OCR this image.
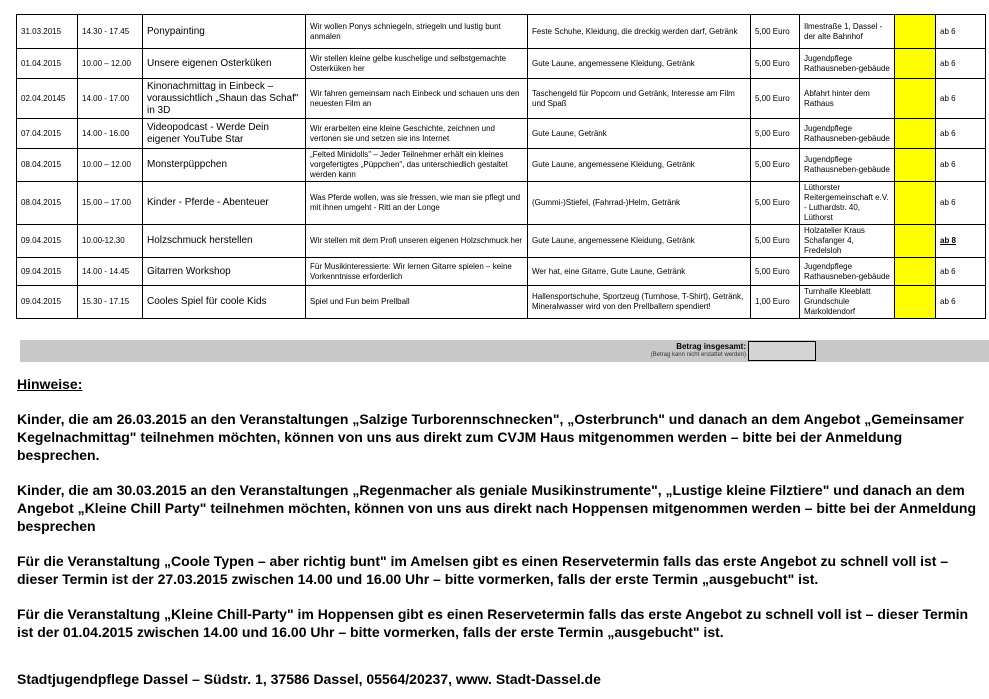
31.03.2015	14.30 - 17.45	Ponypainting	Wir wollen Ponys schniegeln, striegeln und lustig bunt anmalen	Feste Schuhe, Kleidung, die dreckig werden darf, Getränk	5,00 Euro	Ilmestraße 1, Dassel - der alte Bahnhof		ab 6
01.04.2015	10.00 – 12.00	Unsere eigenen Osterküken	Wir stellen kleine gelbe kuschelige und selbstgemachte Osterküken her	Gute Laune, angemessene Kleidung, Getränk	5,00 Euro	Jugendpflege Rathausneben-gebäude		ab 6
02.04.20145	14.00 - 17.00	Kinonachmittag in Einbeck – voraussichtlich „Shaun das Schaf" in 3D	Wir fahren gemeinsam nach Einbeck und schauen uns den neuesten Film an	Taschengeld für Popcorn und Getränk, Interesse am Film und Spaß	5,00 Euro	Abfahrt hinter dem Rathaus		ab 6
07.04.2015	14.00 - 16.00	Videopodcast - Werde Dein eigener YouTube Star	Wir erarbeiten eine kleine Geschichte, zeichnen und vertonen sie und setzen sie ins Internet	Gute Laune, Getränk	5,00 Euro	Jugendpflege Rathausneben-gebäude		ab 6
08.04.2015	10.00 – 12.00	Monsterpüppchen	„Felted Minidolls" – Jeder Teilnehmer erhält ein kleines vorgefertigtes „Püppchen", das unterschiedlich gestaltet werden kann	Gute Laune, angemessene Kleidung, Getränk	5,00 Euro	Jugendpflege Rathausneben-gebäude		ab 6
08.04.2015	15.00 – 17.00	Kinder - Pferde - Abenteuer	Was Pferde wollen, was sie fressen, wie man sie pflegt und mit ihnen umgeht - Ritt an der Longe	(Gummi-)Stiefel, (Fahrrad-)Helm, Getränk	5,00 Euro	Lüthorster Reitergemeinschaft e.V. - Luthardstr. 40, Lüthorst		ab 6
09.04.2015	10.00-12.30	Holzschmuck herstellen	Wir stellen mit dem Profi unseren eigenen Holzschmuck her	Gute Laune, angemessene Kleidung, Getränk	5,00 Euro	Holzatelier Kraus Schafanger 4, Fredelsloh		ab 8
09.04.2015	14.00 - 14.45	Gitarren Workshop	Für Musikinteressierte: Wir lernen Gitarre spielen – keine Vorkenntnisse erforderlich	Wer hat, eine Gitarre, Gute Laune, Getränk	5,00 Euro	Jugendpflege Rathausneben-gebäude		ab 6
09.04.2015	15.30 - 17.15	Cooles Spiel für coole Kids	Spiel und Fun beim Prellball	Hallensportschuhe, Sportzeug (Turnhose, T-Shirt), Getränk, Mineralwasser wird von den Prellballern spendiert!	1,00 Euro	Turnhalle Kleeblatt Grundschule Markoldendorf		ab 6
Betrag insgesamt:
(Betrag kann nicht erstattet werden)
Hinweise:

Kinder, die am 26.03.2015 an den Veranstaltungen „Salzige Turborennschnecken", „Osterbrunch" und danach an dem Angebot „Gemeinsamer Kegelnachmittag" teilnehmen möchten, können von uns aus direkt zum CVJM Haus mitgenommen werden – bitte bei der Anmeldung besprechen.

Kinder, die am 30.03.2015 an den Veranstaltungen „Regenmacher als geniale Musikinstrumente", „Lustige kleine Filztiere" und danach an dem Angebot „Kleine Chill Party" teilnehmen möchten, können von uns aus direkt nach Hoppensen mitgenommen werden – bitte bei der Anmeldung besprechen

Für die Veranstaltung „Coole Typen – aber richtig bunt" im Amelsen gibt es einen Reservetermin falls das erste Angebot zu schnell voll ist – dieser Termin ist der 27.03.2015 zwischen 14.00 und 16.00 Uhr – bitte vormerken, falls der erste Termin „ausgebucht" ist.

Für die Veranstaltung „Kleine Chill-Party" im Hoppensen gibt es einen Reservetermin falls das erste Angebot zu schnell voll ist – dieser Termin ist der 01.04.2015 zwischen 14.00 und 16.00 Uhr – bitte vormerken, falls der erste Termin „ausgebucht" ist.

Stadtjugendpflege Dassel – Südstr. 1, 37586 Dassel, 05564/20237, www. Stadt-Dassel.de
